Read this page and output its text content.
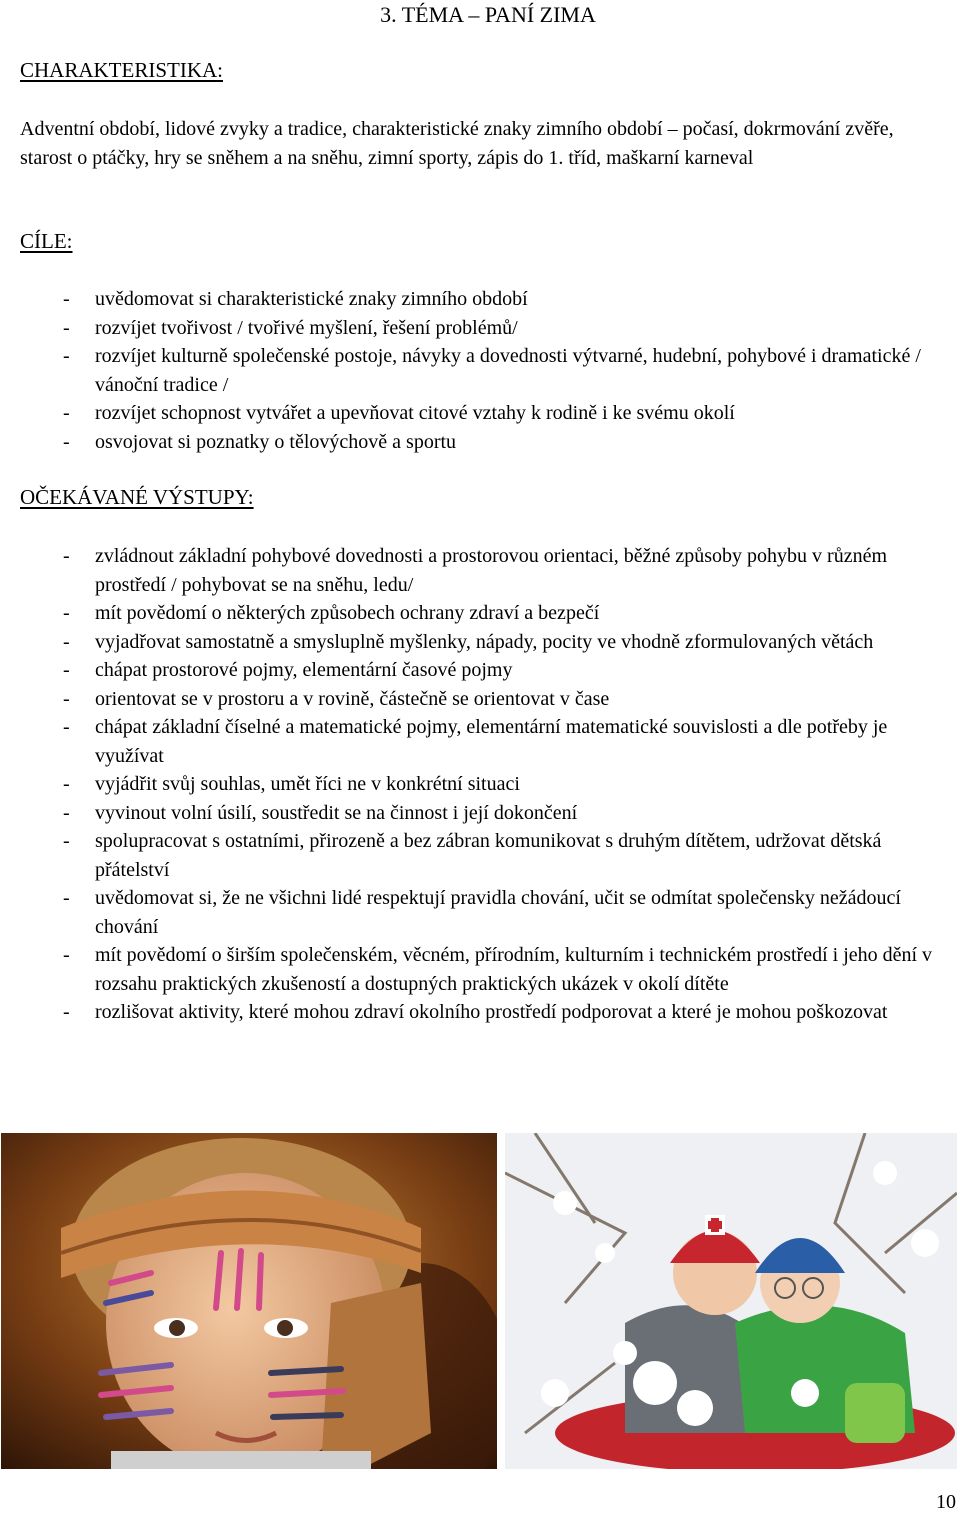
3. TÉMA – PANÍ ZIMA
CHARAKTERISTIKA:
Adventní období, lidové zvyky a tradice, charakteristické znaky zimního období – počasí, dokrmování zvěře, starost o ptáčky, hry se sněhem a na sněhu, zimní sporty, zápis do 1. tříd, maškarní karneval
CÍLE:
- uvědomovat si charakteristické znaky zimního období
- rozvíjet tvořivost / tvořivé myšlení, řešení problémů/
- rozvíjet kulturně společenské postoje, návyky a dovednosti výtvarné, hudební, pohybové i dramatické / vánoční tradice /
- rozvíjet schopnost vytvářet a upevňovat citové vztahy k rodině i ke svému okolí
- osvojovat si poznatky o tělovýchově a sportu
OČEKÁVANÉ VÝSTUPY:
- zvládnout základní pohybové dovednosti a prostorovou orientaci, běžné způsoby pohybu v různém prostředí / pohybovat se na sněhu, ledu/
- mít povědomí o některých způsobech ochrany zdraví a bezpečí
- vyjadřovat samostatně a smysluplně myšlenky, nápady, pocity ve vhodně zformulovaných větách
- chápat prostorové pojmy, elementární časové pojmy
- orientovat se v prostoru a v rovině, částečně se orientovat v čase
- chápat základní číselné a matematické pojmy, elementární matematické souvislosti a dle potřeby je využívat
- vyjádřit svůj souhlas, umět říci ne v konkrétní situaci
- vyvinout volní úsilí, soustředit se na činnost i její dokončení
- spolupracovat s ostatními, přirozeně a bez zábran komunikovat s druhým dítětem, udržovat dětská přátelství
- uvědomovat si, že ne všichni lidé respektují pravidla chování, učit se odmítat společensky nežádoucí chování
- mít povědomí o širším společenském, věcném, přírodním, kulturním i technickém prostředí i jeho dění v rozsahu praktických zkušeností a dostupných praktických ukázek v okolí dítěte
- rozlišovat aktivity, které mohou zdraví okolního prostředí podporovat a které je mohou poškozovat
10
